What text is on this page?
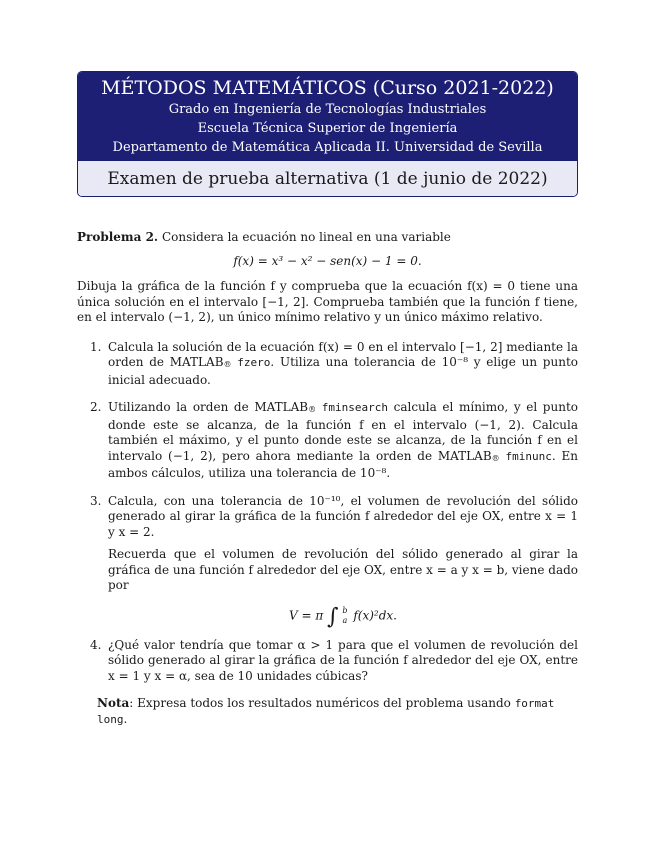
MÉTODOS MATEMÁTICOS (Curso 2021-2022)
Grado en Ingeniería de Tecnologías Industriales
Escuela Técnica Superior de Ingeniería
Departamento de Matemática Aplicada II. Universidad de Sevilla
Examen de prueba alternativa (1 de junio de 2022)

Problema 2. Considera la ecuación no lineal en una variable

f(x) = x³ − x² − sen(x) − 1 = 0.

Dibuja la gráfica de la función f y comprueba que la ecuación f(x) = 0 tiene una única solución en el intervalo [−1, 2]. Comprueba también que la función f tiene, en el intervalo (−1, 2), un único mínimo relativo y un único máximo relativo.

1. Calcula la solución de la ecuación f(x) = 0 en el intervalo [−1, 2] mediante la orden de MATLAB® fzero. Utiliza una tolerancia de 10⁻⁸ y elige un punto inicial adecuado.
2. Utilizando la orden de MATLAB® fminsearch calcula el mínimo, y el punto donde este se alcanza, de la función f en el intervalo (−1, 2). Calcula también el máximo, y el punto donde este se alcanza, de la función f en el intervalo (−1, 2), pero ahora mediante la orden de MATLAB® fminunc. En ambos cálculos, utiliza una tolerancia de 10⁻⁸.
3. Calcula, con una tolerancia de 10⁻¹⁰, el volumen de revolución del sólido generado al girar la gráfica de la función f alrededor del eje OX, entre x = 1 y x = 2.

Recuerda que el volumen de revolución del sólido generado al girar la gráfica de una función f alrededor del eje OX, entre x = a y x = b, viene dado por

V = π ∫ b
a f(x)²dx.

4. ¿Qué valor tendría que tomar α > 1 para que el volumen de revolución del sólido generado al girar la gráfica de la función f alrededor del eje OX, entre x = 1 y x = α, sea de 10 unidades cúbicas?

Nota: Expresa todos los resultados numéricos del problema usando format long.
